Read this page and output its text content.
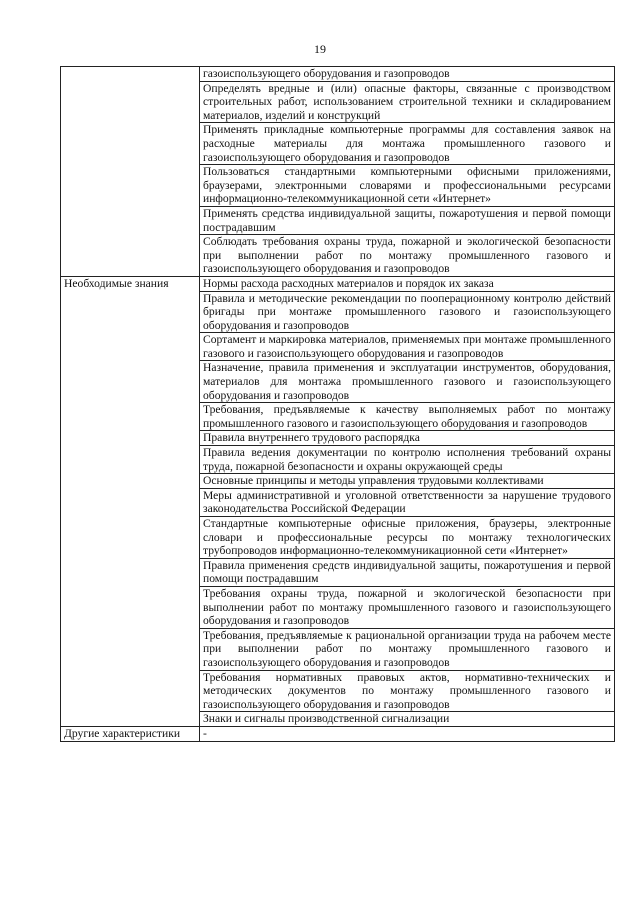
19
	газоиспользующего оборудования и газопроводов
	Определять вредные и (или) опасные факторы, связанные с производством строительных работ, использованием строительной техники и складированием материалов, изделий и конструкций
	Применять прикладные компьютерные программы для составления заявок на расходные материалы для монтажа промышленного газового и газоиспользующего оборудования и газопроводов
	Пользоваться стандартными компьютерными офисными приложениями, браузерами, электронными словарями и профессиональными ресурсами информационно-телекоммуникационной сети «Интернет»
	Применять средства индивидуальной защиты, пожаротушения и первой помощи пострадавшим
	Соблюдать требования охраны труда, пожарной и экологической безопасности при выполнении работ по монтажу промышленного газового и газоиспользующего оборудования и газопроводов
Необходимые знания	Нормы расхода расходных материалов и порядок их заказа
	Правила и методические рекомендации по пооперационному контролю действий бригады при монтаже промышленного газового и газоиспользующего оборудования и газопроводов
	Сортамент и маркировка материалов, применяемых при монтаже промышленного газового и газоиспользующего оборудования и газопроводов
	Назначение, правила применения и эксплуатации инструментов, оборудования, материалов для монтажа промышленного газового и газоиспользующего оборудования и газопроводов
	Требования, предъявляемые к качеству выполняемых работ по монтажу промышленного газового и газоиспользующего оборудования и газопроводов
	Правила внутреннего трудового распорядка
	Правила ведения документации по контролю исполнения требований охраны труда, пожарной безопасности и охраны окружающей среды
	Основные принципы и методы управления трудовыми коллективами
	Меры административной и уголовной ответственности за нарушение трудового законодательства Российской Федерации
	Стандартные компьютерные офисные приложения, браузеры, электронные словари и профессиональные ресурсы по монтажу технологических трубопроводов информационно-телекоммуникационной сети «Интернет»
	Правила применения средств индивидуальной защиты, пожаротушения и первой помощи пострадавшим
	Требования охраны труда, пожарной и экологической безопасности при выполнении работ по монтажу промышленного газового и газоиспользующего оборудования и газопроводов
	Требования, предъявляемые к рациональной организации труда на рабочем месте при выполнении работ по монтажу промышленного газового и газоиспользующего оборудования и газопроводов
	Требования нормативных правовых актов, нормативно-технических и методических документов по монтажу промышленного газового и газоиспользующего оборудования и газопроводов
	Знаки и сигналы производственной сигнализации
Другие характеристики	-
